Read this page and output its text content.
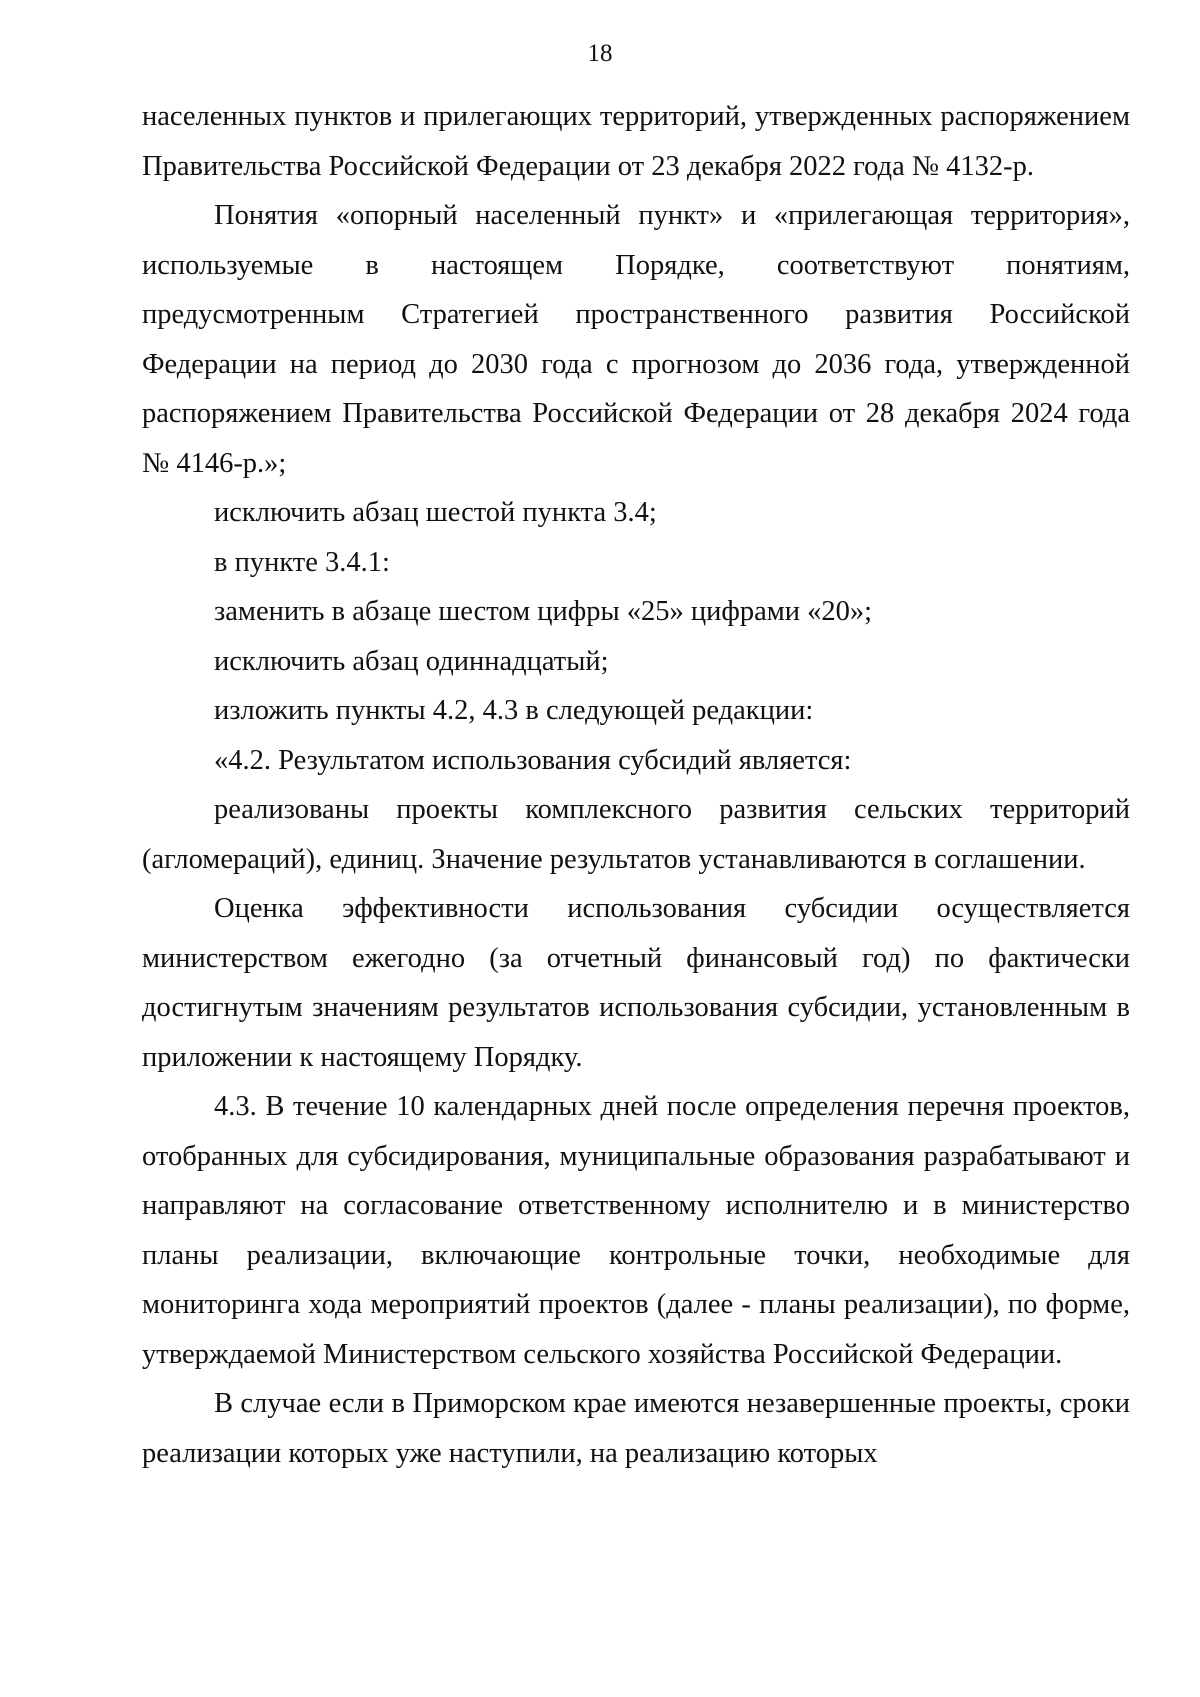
18

населенных пунктов и прилегающих территорий, утвержденных распоряжением Правительства Российской Федерации от 23 декабря 2022 года № 4132-р.

Понятия «опорный населенный пункт» и «прилегающая территория», используемые в настоящем Порядке, соответствуют понятиям, предусмотренным Стратегией пространственного развития Российской Федерации на период до 2030 года с прогнозом до 2036 года, утвержденной распоряжением Правительства Российской Федерации от 28 декабря 2024 года № 4146-р.»;

исключить абзац шестой пункта 3.4;

в пункте 3.4.1:

заменить в абзаце шестом цифры «25» цифрами «20»;

исключить абзац одиннадцатый;

изложить пункты 4.2, 4.3 в следующей редакции:

«4.2. Результатом использования субсидий является:

реализованы проекты комплексного развития сельских территорий (агломераций), единиц. Значение результатов устанавливаются в соглашении.

Оценка эффективности использования субсидии осуществляется министерством ежегодно (за отчетный финансовый год) по фактически достигнутым значениям результатов использования субсидии, установленным в приложении к настоящему Порядку.

4.3. В течение 10 календарных дней после определения перечня проектов, отобранных для субсидирования, муниципальные образования разрабатывают и направляют на согласование ответственному исполнителю и в министерство планы реализации, включающие контрольные точки, необходимые для мониторинга хода мероприятий проектов (далее - планы реализации), по форме, утверждаемой Министерством сельского хозяйства Российской Федерации.

В случае если в Приморском крае имеются незавершенные проекты, сроки реализации которых уже наступили, на реализацию которых
